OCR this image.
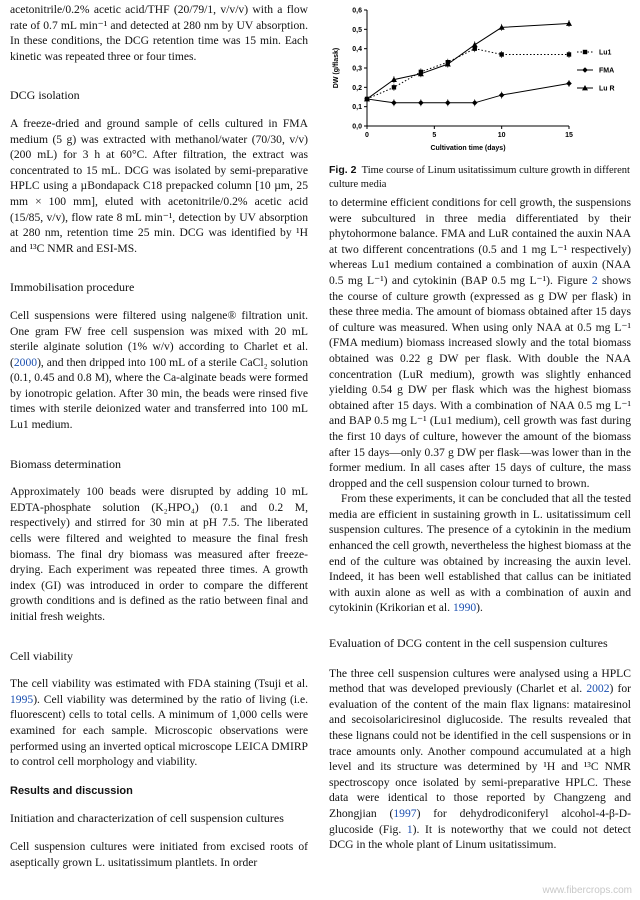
acetonitrile/0.2% acetic acid/THF (20/79/1, v/v/v) with a flow rate of 0.7 mL min⁻¹ and detected at 280 nm by UV absorption. In these conditions, the DCG retention time was 15 min. Each kinetic was repeated three or four times.

DCG isolation

A freeze-dried and ground sample of cells cultured in FMA medium (5 g) was extracted with methanol/water (70/30, v/v) (200 mL) for 3 h at 60°C. After filtration, the extract was concentrated to 15 mL. DCG was isolated by semi-preparative HPLC using a µBondapack C18 prepacked column [10 µm, 25 mm × 100 mm], eluted with acetonitrile/0.2% acetic acid (15/85, v/v), flow rate 8 mL min⁻¹, detection by UV absorption at 280 nm, retention time 25 min. DCG was identified by ¹H and ¹³C NMR and ESI-MS.

Immobilisation procedure

Cell suspensions were filtered using nalgene® filtration unit. One gram FW free cell suspension was mixed with 20 mL sterile alginate solution (1% w/v) according to Charlet et al. (2000), and then dripped into 100 mL of a sterile CaCl₂ solution (0.1, 0.45 and 0.8 M), where the Ca-alginate beads were formed by ionotropic gelation. After 30 min, the beads were rinsed five times with sterile deionized water and transferred into 100 mL Lu1 medium.

Biomass determination

Approximately 100 beads were disrupted by adding 10 mL EDTA-phosphate solution (K₂HPO₄) (0.1 and 0.2 M, respectively) and stirred for 30 min at pH 7.5. The liberated cells were filtered and weighted to measure the final fresh biomass. The final dry biomass was measured after freeze-drying. Each experiment was repeated three times. A growth index (GI) was introduced in order to compare the different growth conditions and is defined as the ratio between final and initial fresh weights.

Cell viability

The cell viability was estimated with FDA staining (Tsuji et al. 1995). Cell viability was determined by the ratio of living (i.e. fluorescent) cells to total cells. A minimum of 1,000 cells were examined for each sample. Microscopic observations were performed using an inverted optical microscope LEICA DMIRP to control cell morphology and viability.

Results and discussion

Initiation and characterization of cell suspension cultures

Cell suspension cultures were initiated from excised roots of aseptically grown L. usitatissimum plantlets. In order

0,0
0,1
0,2
0,3
0,4
0,5
0,6
0	5	10	15
Cultivation time (days)
DW (g/flask)	Lu1
FMA
Lu R
Fig. 2 Time course of Linum usitatissimum culture growth in different culture media

to determine efficient conditions for cell growth, the suspensions were subcultured in three media differentiated by their phytohormone balance. FMA and LuR contained the auxin NAA at two different concentrations (0.5 and 1 mg L⁻¹ respectively) whereas Lu1 medium contained a combination of auxin (NAA 0.5 mg L⁻¹) and cytokinin (BAP 0.5 mg L⁻¹). Figure 2 shows the course of culture growth (expressed as g DW per flask) in these three media. The amount of biomass obtained after 15 days of culture was measured. When using only NAA at 0.5 mg L⁻¹ (FMA medium) biomass increased slowly and the total biomass obtained was 0.22 g DW per flask. With double the NAA concentration (LuR medium), growth was slightly enhanced yielding 0.54 g DW per flask which was the highest biomass obtained after 15 days. With a combination of NAA 0.5 mg L⁻¹ and BAP 0.5 mg L⁻¹ (Lu1 medium), cell growth was fast during the first 10 days of culture, however the amount of the biomass after 15 days—only 0.37 g DW per flask—was lower than in the former medium. In all cases after 15 days of culture, the mass dropped and the cell suspension colour turned to brown.

From these experiments, it can be concluded that all the tested media are efficient in sustaining growth in L. usitatissimum cell suspension cultures. The presence of a cytokinin in the medium enhanced the cell growth, nevertheless the highest biomass at the end of the culture was obtained by increasing the auxin level. Indeed, it has been well established that callus can be initiated with auxin alone as well as with a combination of auxin and cytokinin (Krikorian et al. 1990).

Evaluation of DCG content in the cell suspension cultures

The three cell suspension cultures were analysed using a HPLC method that was developed previously (Charlet et al. 2002) for evaluation of the content of the main flax lignans: matairesinol and secoisolariciresinol diglucoside. The results revealed that these lignans could not be identified in the cell suspensions or in trace amounts only. Another compound accumulated at a high level and its structure was determined by ¹H and ¹³C NMR spectroscopy once isolated by semi-preparative HPLC. These data were identical to those reported by Changzeng and Zhongjian (1997) for dehydrodiconiferyl alcohol-4-β-D-glucoside (Fig. 1). It is noteworthy that we could not detect DCG in the whole plant of Linum usitatissimum.

www.fibercrops.com
